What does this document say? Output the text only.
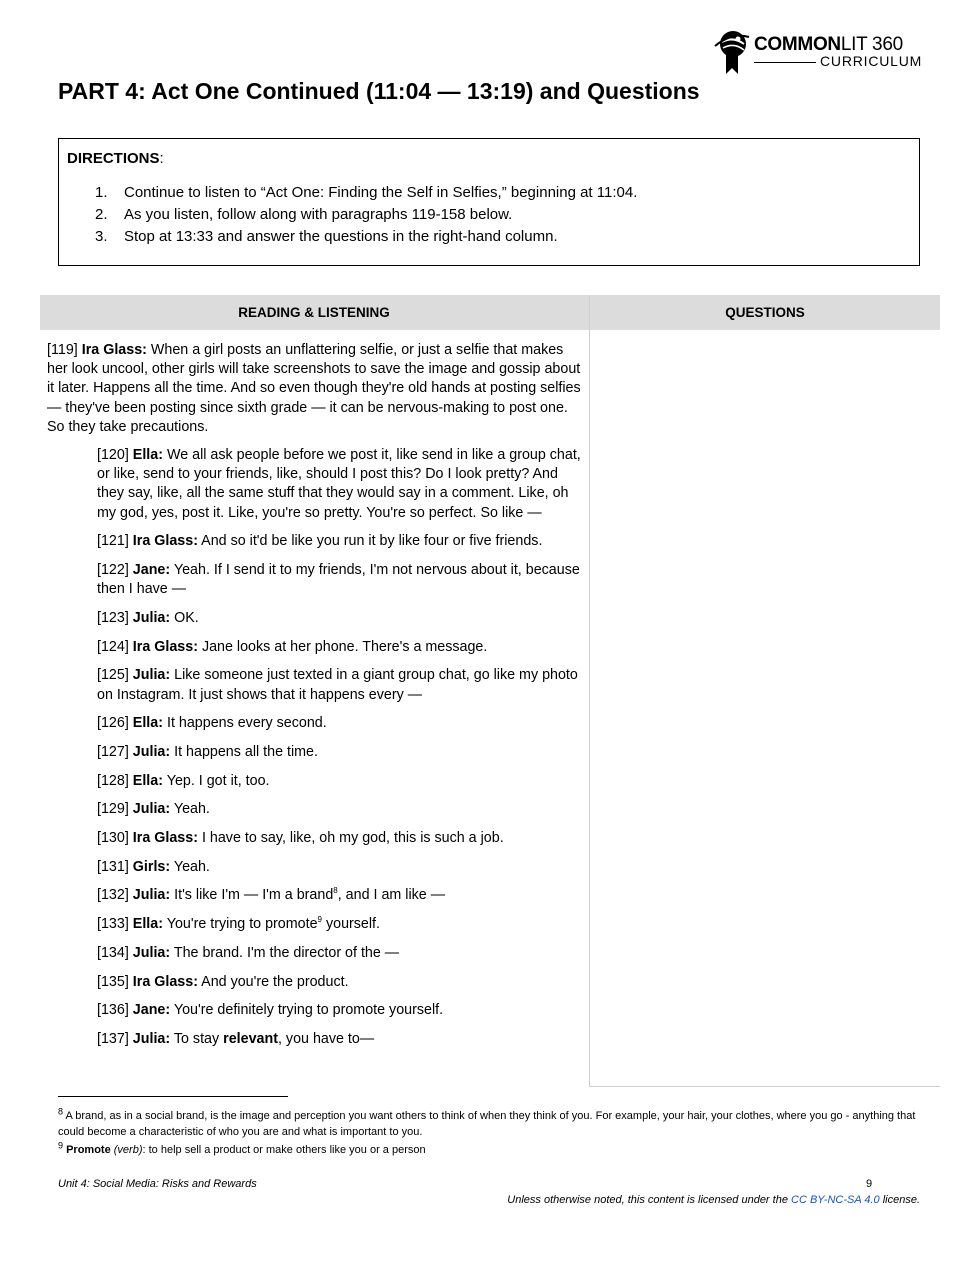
COMMONLIT 360
CURRICULUM
PART 4: Act One Continued (11:04 — 13:19) and Questions
DIRECTIONS:
1. Continue to listen to “Act One: Finding the Self in Selfies,” beginning at 11:04.
2. As you listen, follow along with paragraphs 119-158 below.
3. Stop at 13:33 and answer the questions in the right-hand column.
READING & LISTENING	QUESTIONS

[119] Ira Glass: When a girl posts an unflattering selfie, or just a selfie that makes her look uncool, other girls will take screenshots to save the image and gossip about it later. Happens all the time. And so even though they're old hands at posting selfies — they've been posting since sixth grade — it can be nervous-making to post one. So they take precautions.

[120] Ella: We all ask people before we post it, like send in like a group chat, or like, send to your friends, like, should I post this? Do I look pretty? And they say, like, all the same stuff that they would say in a comment. Like, oh my god, yes, post it. Like, you're so pretty. You're so perfect. So like —

[121] Ira Glass: And so it'd be like you run it by like four or five friends.

[122] Jane: Yeah. If I send it to my friends, I'm not nervous about it, because then I have —

[123] Julia: OK.

[124] Ira Glass: Jane looks at her phone. There's a message.

[125] Julia: Like someone just texted in a giant group chat, go like my photo on Instagram. It just shows that it happens every —

[126] Ella: It happens every second.

[127] Julia: It happens all the time.

[128] Ella: Yep. I got it, too.

[129] Julia: Yeah.

[130] Ira Glass: I have to say, like, oh my god, this is such a job.

[131] Girls: Yeah.

[132] Julia: It's like I'm — I'm a brand$^8$, and I am like —

[133] Ella: You're trying to promote$^9$ yourself.

[134] Julia: The brand. I'm the director of the —

[135] Ira Glass: And you're the product.

[136] Jane: You're definitely trying to promote yourself.

[137] Julia: To stay relevant, you have to—

$^8$ A brand, as in a social brand, is the image and perception you want others to think of when they think of you. For example, your hair, your clothes, where you go - anything that could become a characteristic of who you are and what is important to you.

$^9$ Promote (verb): to help sell a product or make others like you or a person

Unit 4: Social Media: Risks and Rewards	9
Unless otherwise noted, this content is licensed under the CC BY-NC-SA 4.0 license.
